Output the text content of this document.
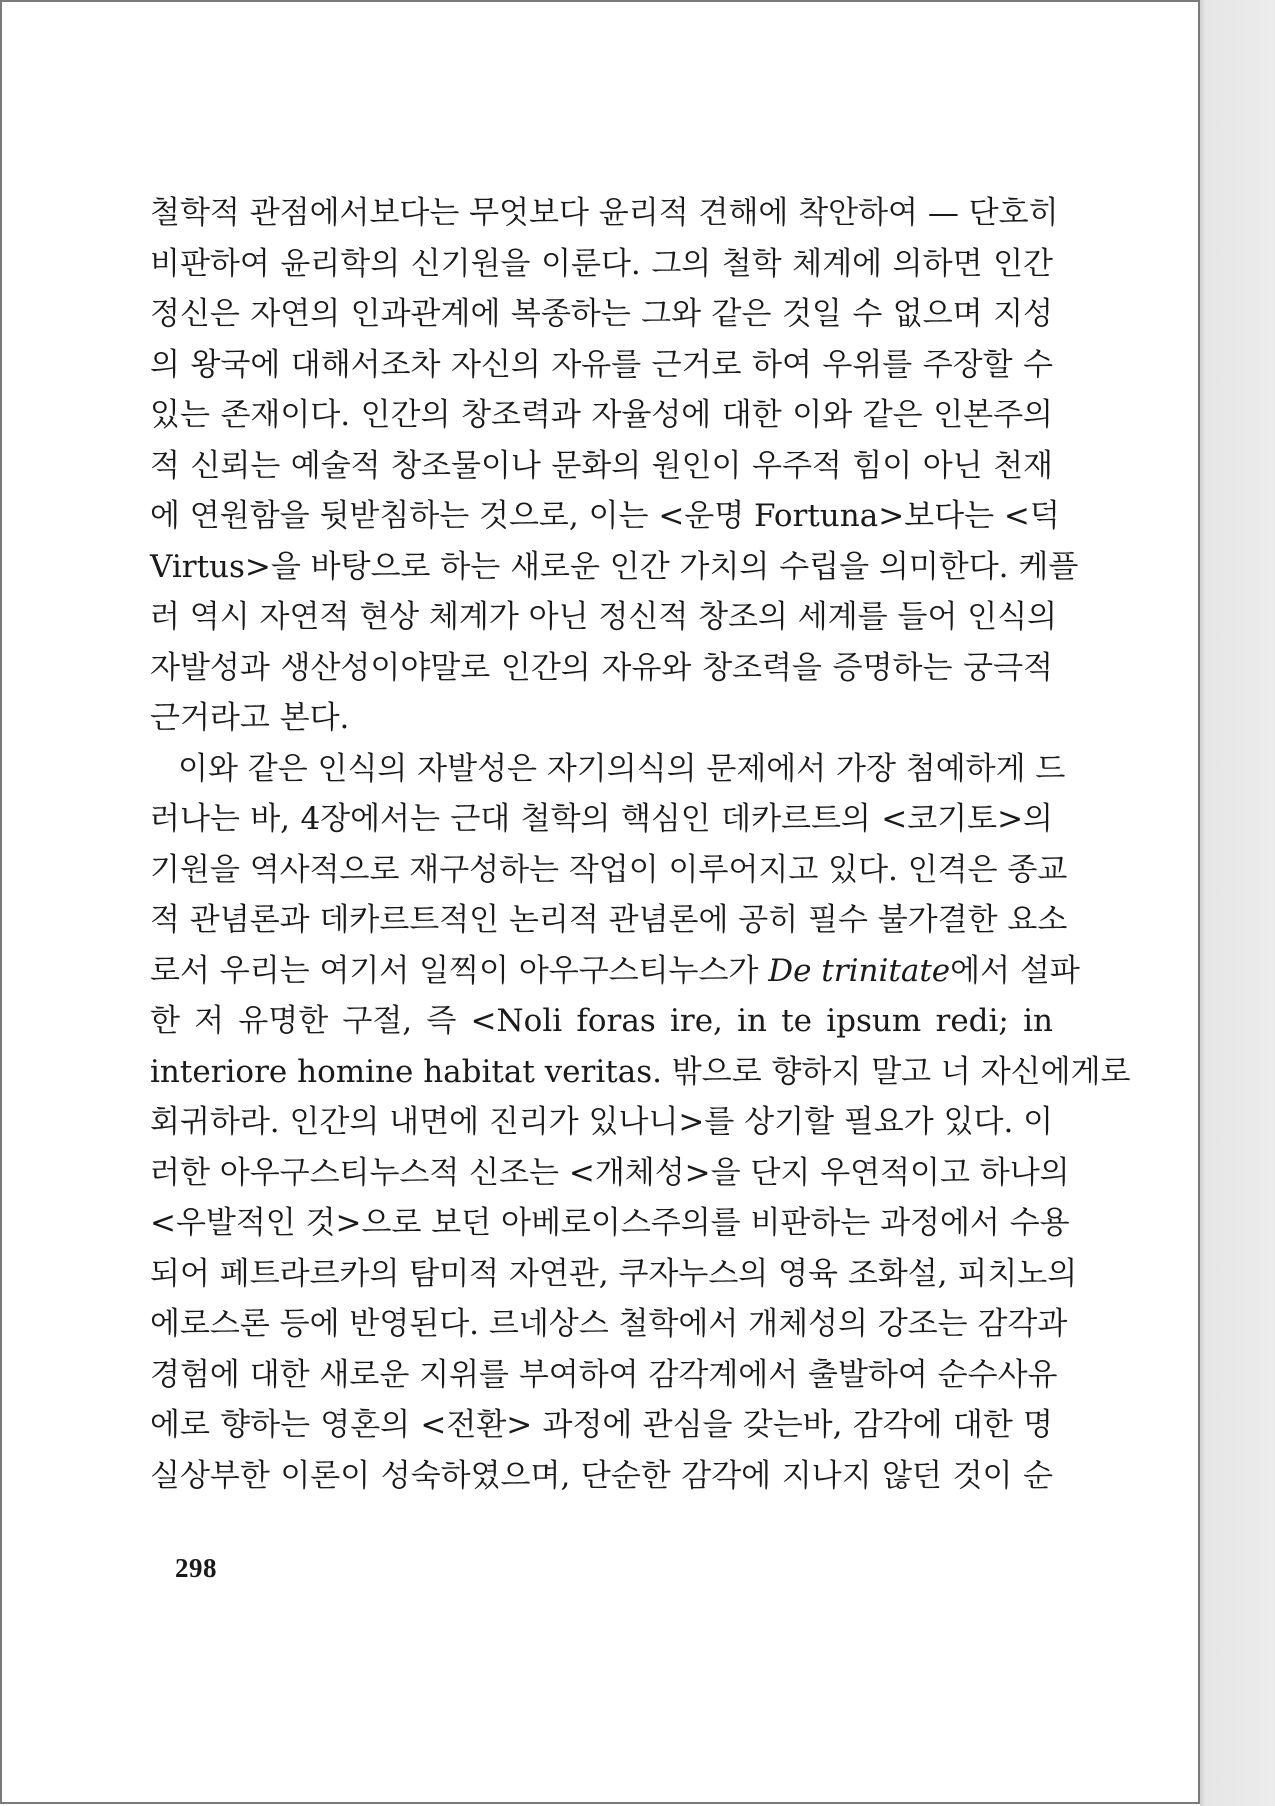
철학적 관점에서보다는 무엇보다 윤리적 견해에 착안하여 — 단호히
비판하여 윤리학의 신기원을 이룬다. 그의 철학 체계에 의하면 인간
정신은 자연의 인과관계에 복종하는 그와 같은 것일 수 없으며 지성
의 왕국에 대해서조차 자신의 자유를 근거로 하여 우위를 주장할 수
있는 존재이다. 인간의 창조력과 자율성에 대한 이와 같은 인본주의
적 신뢰는 예술적 창조물이나 문화의 원인이 우주적 힘이 아닌 천재
에 연원함을 뒷받침하는 것으로, 이는 <운명 Fortuna>보다는 <덕
Virtus>을 바탕으로 하는 새로운 인간 가치의 수립을 의미한다. 케플
러 역시 자연적 현상 체계가 아닌 정신적 창조의 세계를 들어 인식의
자발성과 생산성이야말로 인간의 자유와 창조력을 증명하는 궁극적
근거라고 본다.

이와 같은 인식의 자발성은 자기의식의 문제에서 가장 첨예하게 드
러나는 바, 4장에서는 근대 철학의 핵심인 데카르트의 <코기토>의
기원을 역사적으로 재구성하는 작업이 이루어지고 있다. 인격은 종교
적 관념론과 데카르트적인 논리적 관념론에 공히 필수 불가결한 요소
로서 우리는 여기서 일찍이 아우구스티누스가 De trinitate에서 설파
한 저 유명한 구절, 즉 <Noli foras ire, in te ipsum redi; in
interiore homine habitat veritas. 밖으로 향하지 말고 너 자신에게로
회귀하라. 인간의 내면에 진리가 있나니>를 상기할 필요가 있다. 이
러한 아우구스티누스적 신조는 <개체성>을 단지 우연적이고 하나의
<우발적인 것>으로 보던 아베로이스주의를 비판하는 과정에서 수용
되어 페트라르카의 탐미적 자연관, 쿠자누스의 영육 조화설, 피치노의
에로스론 등에 반영된다. 르네상스 철학에서 개체성의 강조는 감각과
경험에 대한 새로운 지위를 부여하여 감각계에서 출발하여 순수사유
에로 향하는 영혼의 <전환> 과정에 관심을 갖는바, 감각에 대한 명
실상부한 이론이 성숙하였으며, 단순한 감각에 지나지 않던 것이 순

298
